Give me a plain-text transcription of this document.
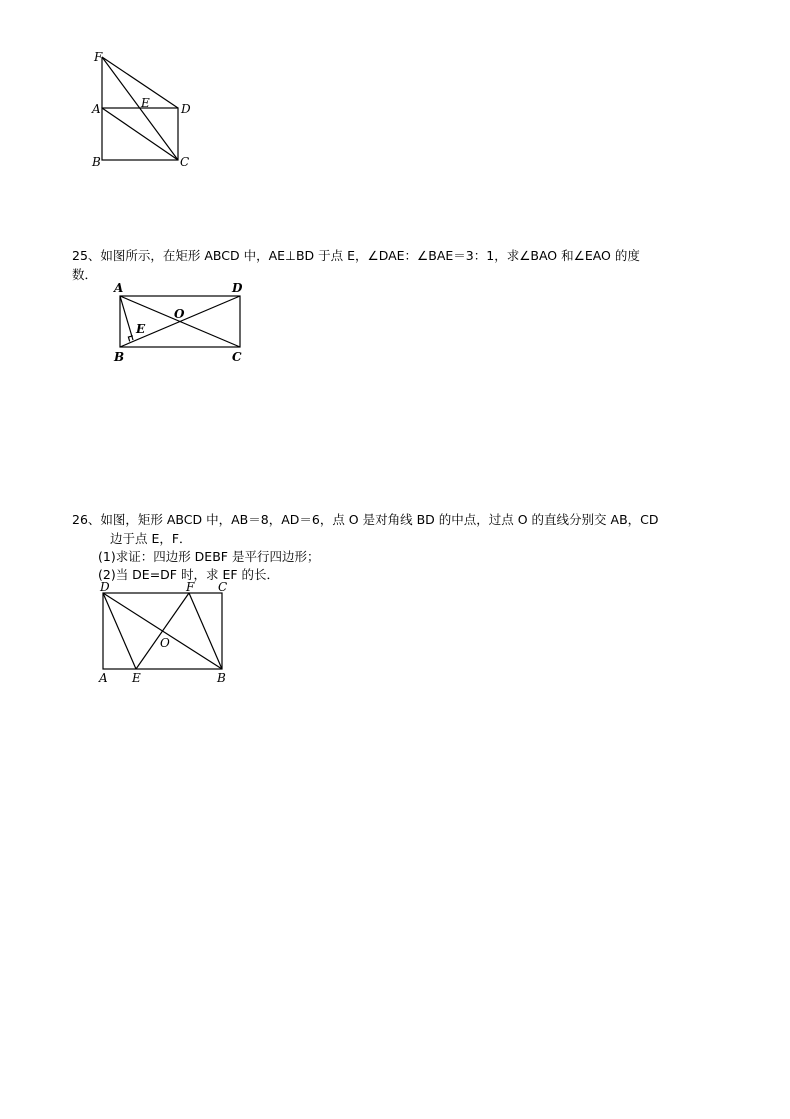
F
A	E	D
B	C
25、如图所示，在矩形 ABCD 中，AE⊥BD 于点 E，∠DAE：∠BAE＝3：1，求∠BAO 和∠EAO 的度
数．
A	D
O
E
B	C
26、如图，矩形 ABCD 中，AB＝8，AD＝6，点 O 是对角线 BD 的中点，过点 O 的直线分别交 AB，CD
边于点 E，F．
(1)求证：四边形 DEBF 是平行四边形；
(2)当 DE=DF 时，求 EF 的长．
D	F C
O
A E	B
